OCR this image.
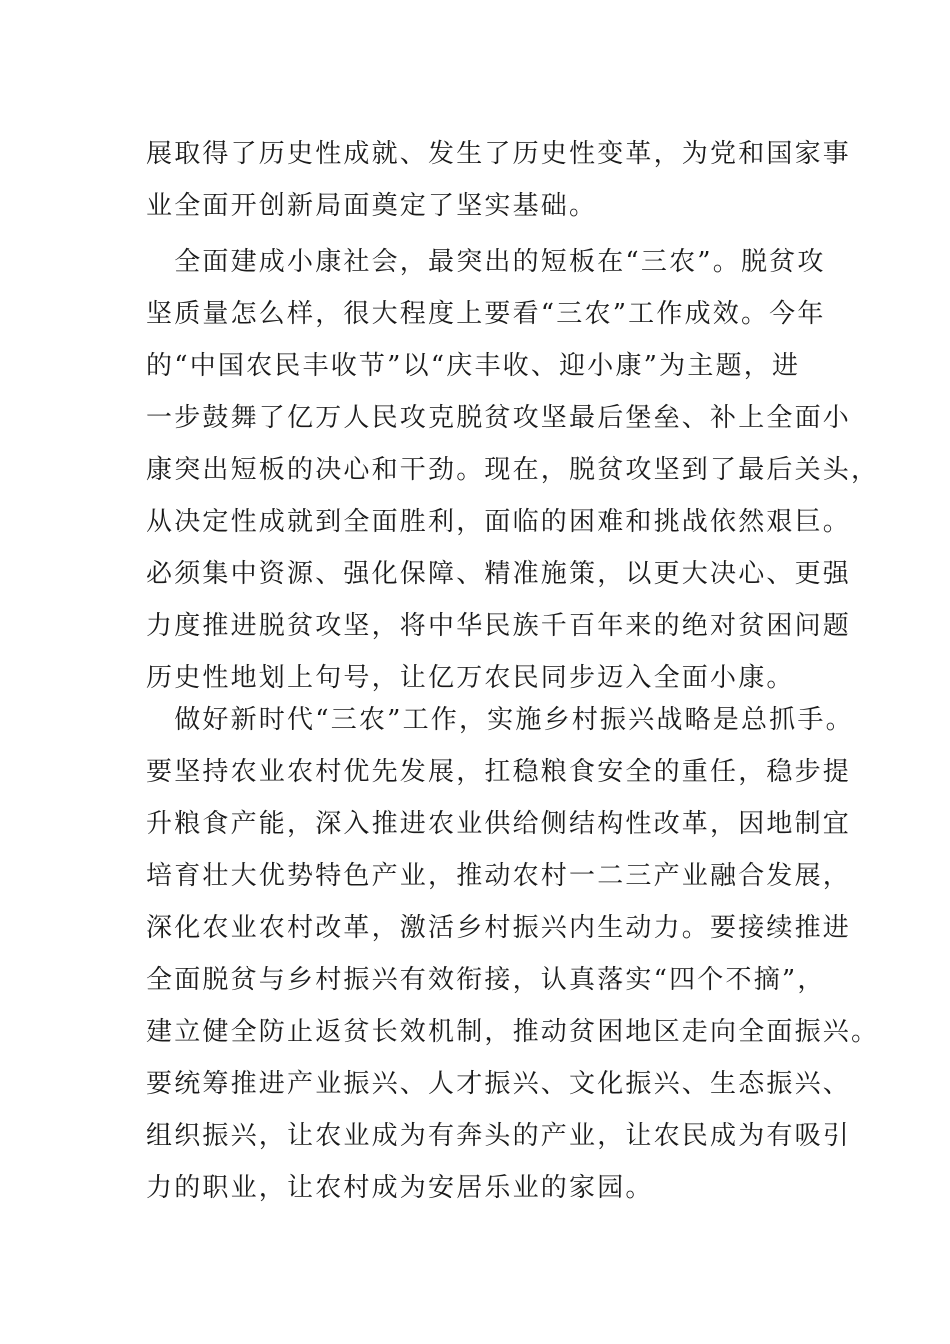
展取得了历史性成就、发生了历史性变革，为党和国家事
业全面开创新局面奠定了坚实基础。
　全面建成小康社会，最突出的短板在“三农”。脱贫攻
坚质量怎么样，很大程度上要看“三农”工作成效。今年
的“中国农民丰收节”以“庆丰收、迎小康”为主题，进
一步鼓舞了亿万人民攻克脱贫攻坚最后堡垒、补上全面小
康突出短板的决心和干劲。现在，脱贫攻坚到了最后关头，
从决定性成就到全面胜利，面临的困难和挑战依然艰巨。
必须集中资源、强化保障、精准施策，以更大决心、更强
力度推进脱贫攻坚，将中华民族千百年来的绝对贫困问题
历史性地划上句号，让亿万农民同步迈入全面小康。
　做好新时代“三农”工作，实施乡村振兴战略是总抓手。
要坚持农业农村优先发展，扛稳粮食安全的重任，稳步提
升粮食产能，深入推进农业供给侧结构性改革，因地制宜
培育壮大优势特色产业，推动农村一二三产业融合发展，
深化农业农村改革，激活乡村振兴内生动力。要接续推进
全面脱贫与乡村振兴有效衔接，认真落实“四个不摘”，
建立健全防止返贫长效机制，推动贫困地区走向全面振兴。
要统筹推进产业振兴、人才振兴、文化振兴、生态振兴、
组织振兴，让农业成为有奔头的产业，让农民成为有吸引
力的职业，让农村成为安居乐业的家园。
